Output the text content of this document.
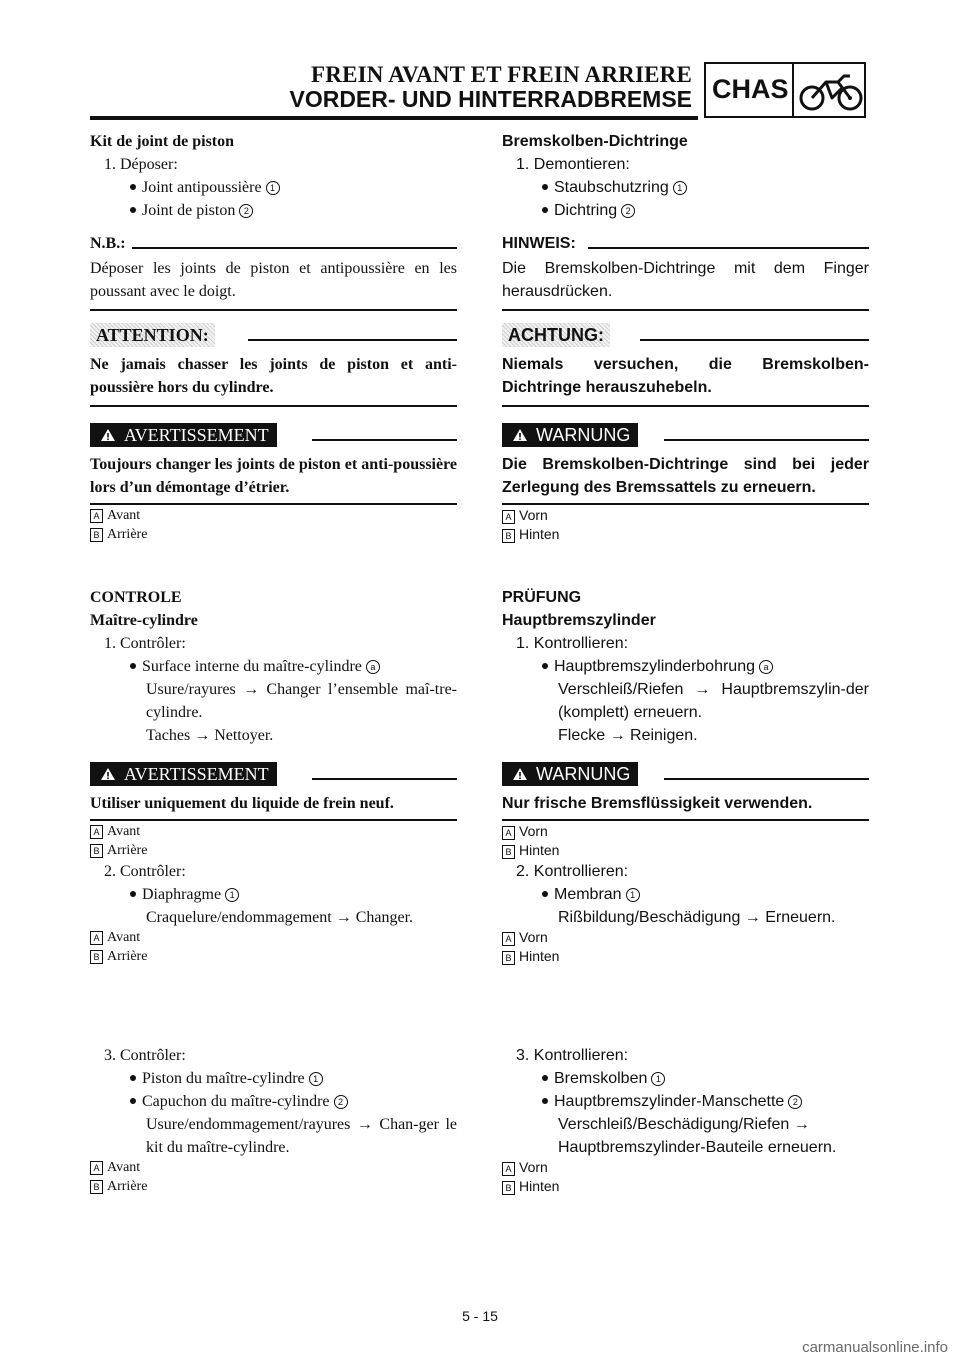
FREIN AVANT ET FREIN ARRIERE
VORDER- UND HINTERRADBREMSE CHAS
Kit de joint de piston
1. Déposer:
Joint antipoussière 1
Joint de piston 2
N.B.:
Déposer les joints de piston et antipoussière en les poussant avec le doigt.
ATTENTION:
Ne jamais chasser les joints de piston et anti-poussière hors du cylindre.
AVERTISSEMENT
Toujours changer les joints de piston et anti-poussière lors d’un démontage d’étrier.
A Avant
B Arrière
CONTROLE
Maître-cylindre
1. Contrôler:
Surface interne du maître-cylindre a
Usure/rayures → Changer l’ensemble maî-tre-cylindre.
Taches → Nettoyer.
AVERTISSEMENT
Utiliser uniquement du liquide de frein neuf.
A Avant
B Arrière
2. Contrôler:
Diaphragme 1
Craquelure/endommagement → Changer.
A Avant
B Arrière
3. Contrôler:
Piston du maître-cylindre 1
Capuchon du maître-cylindre 2
Usure/endommagement/rayures → Chan-ger le kit du maître-cylindre.
A Avant
B Arrière
Bremskolben-Dichtringe
1. Demontieren:
Staubschutzring 1
Dichtring 2
HINWEIS:
Die Bremskolben-Dichtringe mit dem Finger herausdrücken.
ACHTUNG:
Niemals versuchen, die Bremskolben-Dichtringe herauszuhebeln.
WARNUNG
Die Bremskolben-Dichtringe sind bei jeder Zerlegung des Bremssattels zu erneuern.
A Vorn
B Hinten
PRÜFUNG
Hauptbremszylinder
1. Kontrollieren:
Hauptbremszylinderbohrung a
Verschleiß/Riefen → Hauptbremszylin-der (komplett) erneuern.
Flecke → Reinigen.
WARNUNG
Nur frische Bremsflüssigkeit verwenden.
A Vorn
B Hinten
2. Kontrollieren:
Membran 1
Rißbildung/Beschädigung → Erneuern.
A Vorn
B Hinten
3. Kontrollieren:
Bremskolben 1
Hauptbremszylinder-Manschette 2
Verschleiß/Beschädigung/Riefen → Hauptbremszylinder-Bauteile erneuern.
A Vorn
B Hinten
5 - 15
carmanualsonline.info
